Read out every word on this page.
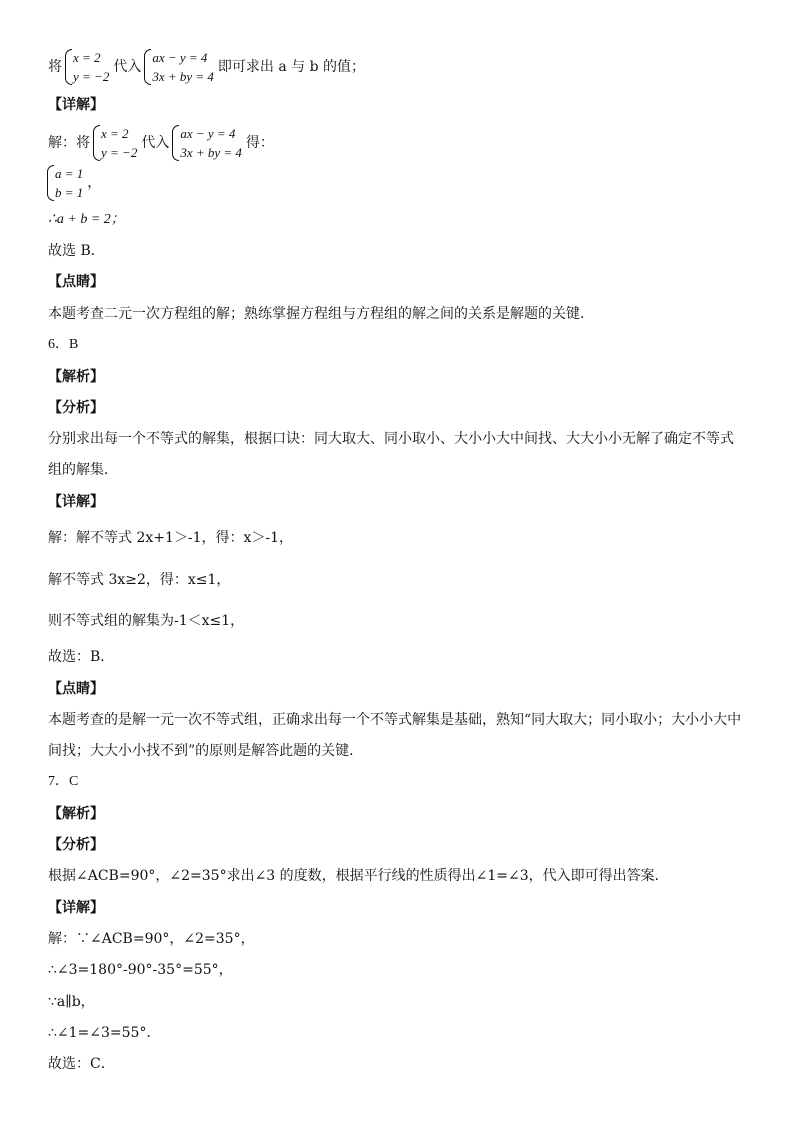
将
x = 2
y = −2
代入
ax − y = 4
3x + by = 4
即可求出 a 与 b 的值；
【详解】
解：将
x = 2
y = −2
代入
ax − y = 4
3x + by = 4
得：
a = 1
b = 1
，
∴a + b = 2；
故选 B．
【点睛】
本题考查二元一次方程组的解；熟练掌握方程组与方程组的解之间的关系是解题的关键．
6．B
【解析】
【分析】
分别求出每一个不等式的解集，根据口诀：同大取大、同小取小、大小小大中间找、大大小小无解了确定不等式
组的解集．
【详解】
解：解不等式 2x+1＞-1，得：x＞-1，
解不等式 3x≥2，得：x≤1，
则不等式组的解集为-1＜x≤1，
故选：B．
【点睛】
本题考查的是解一元一次不等式组，正确求出每一个不等式解集是基础，熟知“同大取大；同小取小；大小小大中
间找；大大小小找不到”的原则是解答此题的关键．
7．C
【解析】
【分析】
根据∠ACB=90°，∠2=35°求出∠3 的度数，根据平行线的性质得出∠1=∠3，代入即可得出答案．
【详解】
解：∵∠ACB=90°，∠2=35°，
∴∠3=180°-90°-35°=55°，
∵a∥b，
∴∠1=∠3=55°．
故选：C．
